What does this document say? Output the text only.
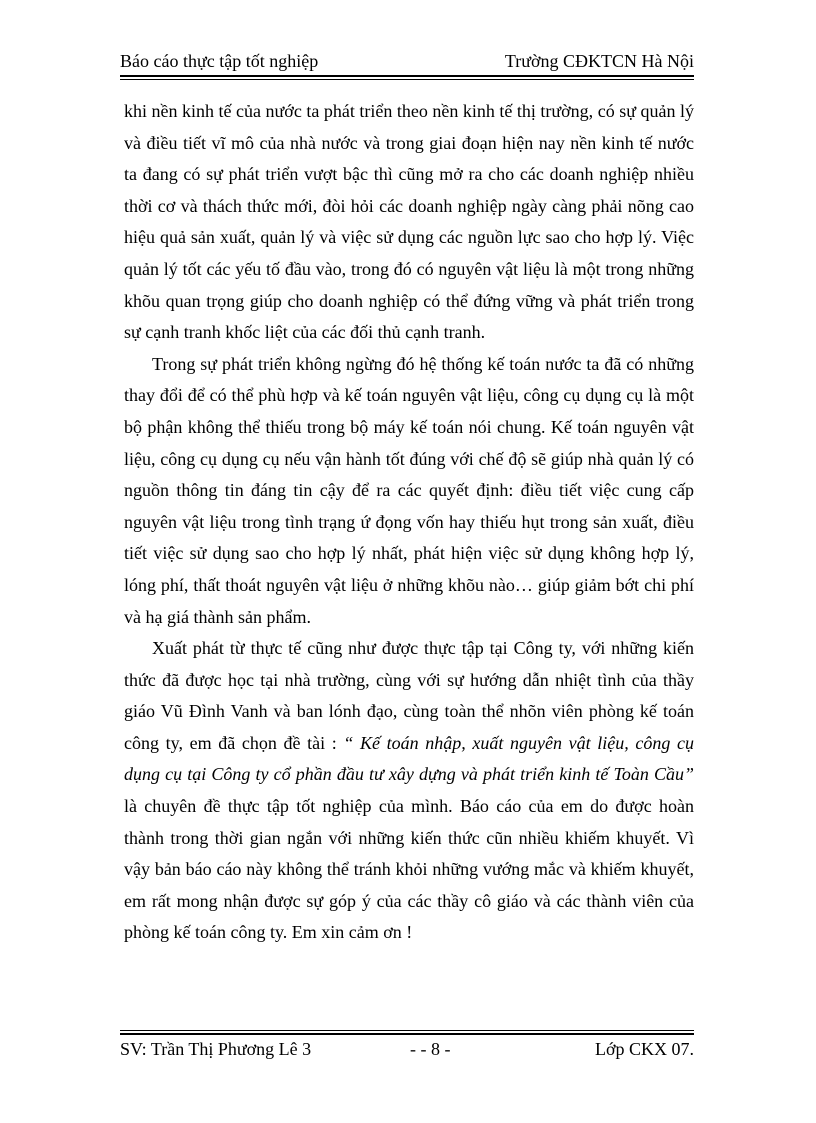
Báo cáo thực tập tốt nghiệp	Trường CĐKTCN Hà Nội

khi nền kinh tế của nước ta phát triển theo nền kinh tế thị trường, có sự quản lý và điều tiết vĩ mô của nhà nước và trong giai đoạn hiện nay nền kinh tế nước ta đang có sự phát triển vượt bậc thì cũng mở ra cho các doanh nghiệp nhiều thời cơ và thách thức mới, đòi hỏi các doanh nghiệp ngày càng phải nõng cao hiệu quả sản xuất, quản lý và việc sử dụng các nguồn lực sao cho hợp lý. Việc quản lý tốt các yếu tố đầu vào, trong đó có nguyên vật liệu là một trong những khõu quan trọng giúp cho doanh nghiệp có thể đứng vững và phát triển trong sự cạnh tranh khốc liệt của các đối thủ cạnh tranh.

Trong sự phát triển không ngừng đó hệ thống kế toán nước ta đã có những thay đổi để có thể phù hợp và kế toán nguyên vật liệu, công cụ dụng cụ là một bộ phận không thể thiếu trong bộ máy kế toán nói chung. Kế toán nguyên vật liệu, công cụ dụng cụ nếu vận hành tốt đúng với chế độ sẽ giúp nhà quản lý có nguồn thông tin đáng tin cậy để ra các quyết định: điều tiết việc cung cấp nguyên vật liệu trong tình trạng ứ đọng vốn hay thiếu hụt trong sản xuất, điều tiết việc sử dụng sao cho hợp lý nhất, phát hiện việc sử dụng không hợp lý, lóng phí, thất thoát nguyên vật liệu ở những khõu nào… giúp giảm bớt chi phí và hạ giá thành sản phẩm.

Xuất phát từ thực tế cũng như được thực tập tại Công ty, với những kiến thức đã được học tại nhà trường, cùng với sự hướng dẫn nhiệt tình của thầy giáo Vũ Đình Vanh và ban lónh đạo, cùng toàn thể nhõn viên phòng kế toán công ty, em đã chọn đề tài : “ Kế toán nhập, xuất nguyên vật liệu, công cụ dụng cụ tại Công ty cổ phần đầu tư xây dựng và phát triển kinh tế Toàn Cầu” là chuyên đề thực tập tốt nghiệp của mình. Báo cáo của em do được hoàn thành trong thời gian ngắn với những kiến thức cũn nhiều khiếm khuyết. Vì vậy bản báo cáo này không thể tránh khỏi những vướng mắc và khiếm khuyết, em rất mong nhận được sự góp ý của các thầy cô giáo và các thành viên của phòng kế toán công ty. Em xin cảm ơn !

SV: Trần Thị Phương Lê 3	- - 8 -	Lớp CKX 07.
